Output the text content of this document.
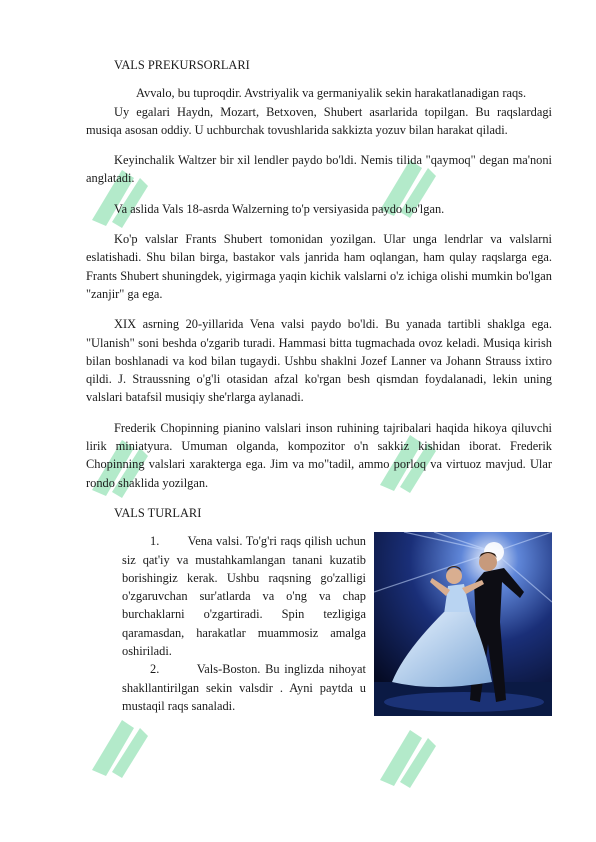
VALS PREKURSORLARI

Avvalo, bu tuproqdir. Avstriyalik va germaniyalik sekin harakatlanadigan raqs.

Uy egalari Haydn, Mozart, Betxoven, Shubert asarlarida topilgan. Bu raqslardagi musiqa asosan oddiy. U uchburchak tovushlarida sakkizta yozuv bilan harakat qiladi.

Keyinchalik Waltzer bir xil lendler paydo bo'ldi. Nemis tilida "qaymoq" degan ma'noni anglatadi.

Va aslida Vals 18-asrda Walzerning to'p versiyasida paydo bo'lgan.

Ko'p valslar Frants Shubert tomonidan yozilgan. Ular unga lendrlar va valslarni eslatishadi. Shu bilan birga, bastakor vals janrida ham oqlangan, ham qulay raqslarga ega. Frants Shubert shuningdek, yigirmaga yaqin kichik valslarni o'z ichiga olishi mumkin bo'lgan "zanjir" ga ega.

XIX asrning 20-yillarida Vena valsi paydo bo'ldi. Bu yanada tartibli shaklga ega. "Ulanish" soni beshda o'zgarib turadi. Hammasi bitta tugmachada ovoz keladi. Musiqa kirish bilan boshlanadi va kod bilan tugaydi. Ushbu shaklni Jozef Lanner va Johann Strauss ixtiro qildi. J. Straussning o'g'li otasidan afzal ko'rgan besh qismdan foydalanadi, lekin uning valslari batafsil musiqiy she'rlarga aylanadi.

Frederik Chopinning pianino valslari inson ruhining tajribalari haqida hikoya qiluvchi lirik miniatyura. Umuman olganda, kompozitor o'n sakkiz kishidan iborat. Frederik Chopinning valslari xarakterga ega. Jim va mo"tadil, ammo porloq va virtuoz mavjud. Ular rondo shaklida yozilgan.

VALS TURLARI

1.        Vena valsi. To'g'ri raqs qilish uchun siz qat'iy va mustahkamlangan tanani kuzatib borishingiz kerak. Ushbu raqsning go'zalligi o'zgaruvchan sur'atlarda va o'ng va chap burchaklarni o'zgartiradi. Spin tezligiga qaramasdan, harakatlar muammosiz amalga oshiriladi.

2.        Vals-Boston. Bu inglizda nihoyat shakllantirilgan sekin valsdir . Ayni paytda u mustaqil raqs sanaladi.
